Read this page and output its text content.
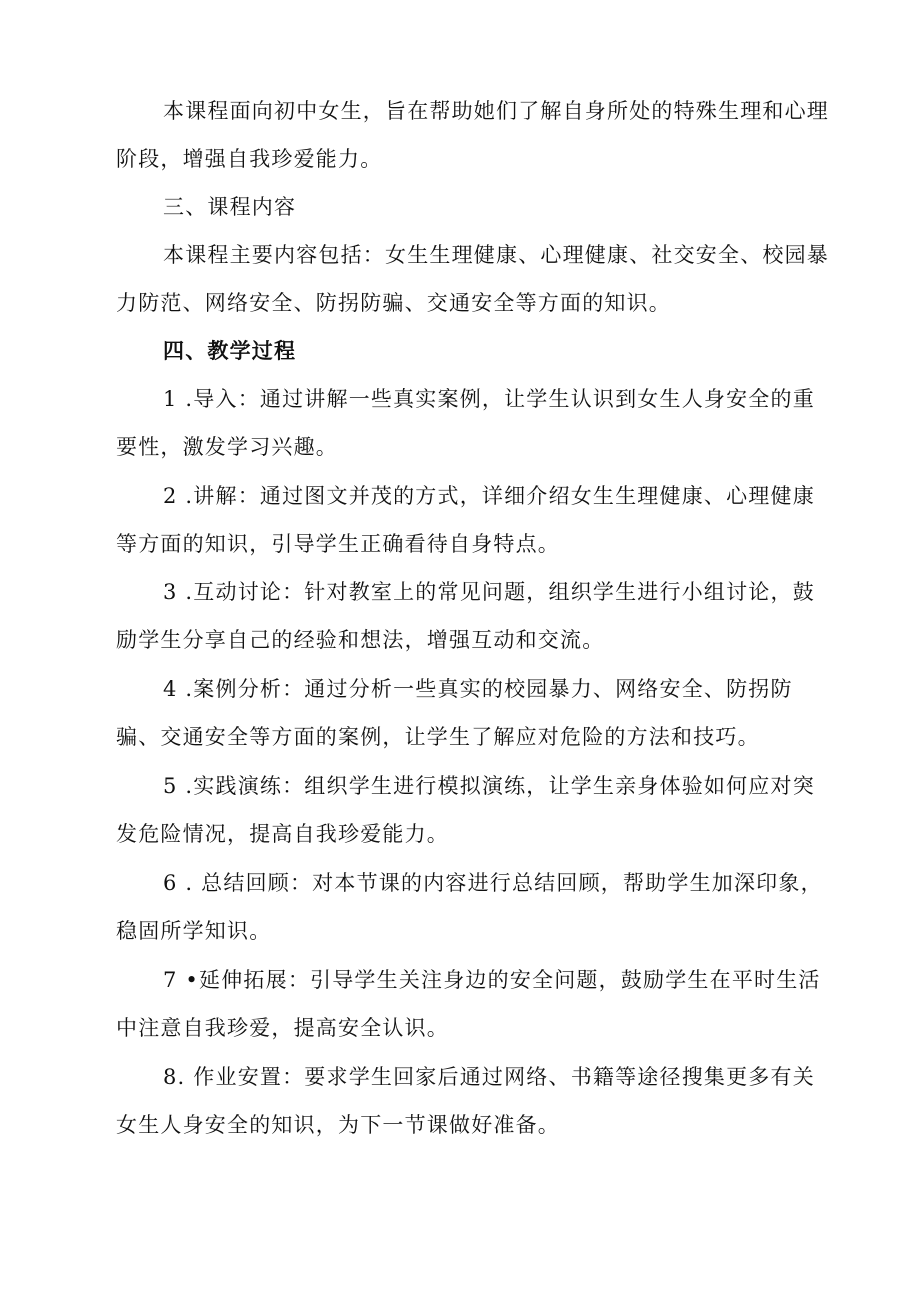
本课程面向初中女生，旨在帮助她们了解自身所处的特殊生理和心理阶段，增强自我珍爱能力。

三、课程内容

本课程主要内容包括：女生生理健康、心理健康、社交安全、校园暴力防范、网络安全、防拐防骗、交通安全等方面的知识。

四、教学过程

1 .导入：通过讲解一些真实案例，让学生认识到女生人身安全的重要性，激发学习兴趣。

2 .讲解：通过图文并茂的方式，详细介绍女生生理健康、心理健康等方面的知识，引导学生正确看待自身特点。

3 .互动讨论：针对教室上的常见问题，组织学生进行小组讨论，鼓励学生分享自己的经验和想法，增强互动和交流。

4 .案例分析：通过分析一些真实的校园暴力、网络安全、防拐防骗、交通安全等方面的案例，让学生了解应对危险的方法和技巧。

5 .实践演练：组织学生进行模拟演练，让学生亲身体验如何应对突发危险情况，提高自我珍爱能力。

6 . 总结回顾：对本节课的内容进行总结回顾，帮助学生加深印象，稳固所学知识。

7 •延伸拓展：引导学生关注身边的安全问题，鼓励学生在平时生活中注意自我珍爱，提高安全认识。

8. 作业安置：要求学生回家后通过网络、书籍等途径搜集更多有关女生人身安全的知识，为下一节课做好准备。
